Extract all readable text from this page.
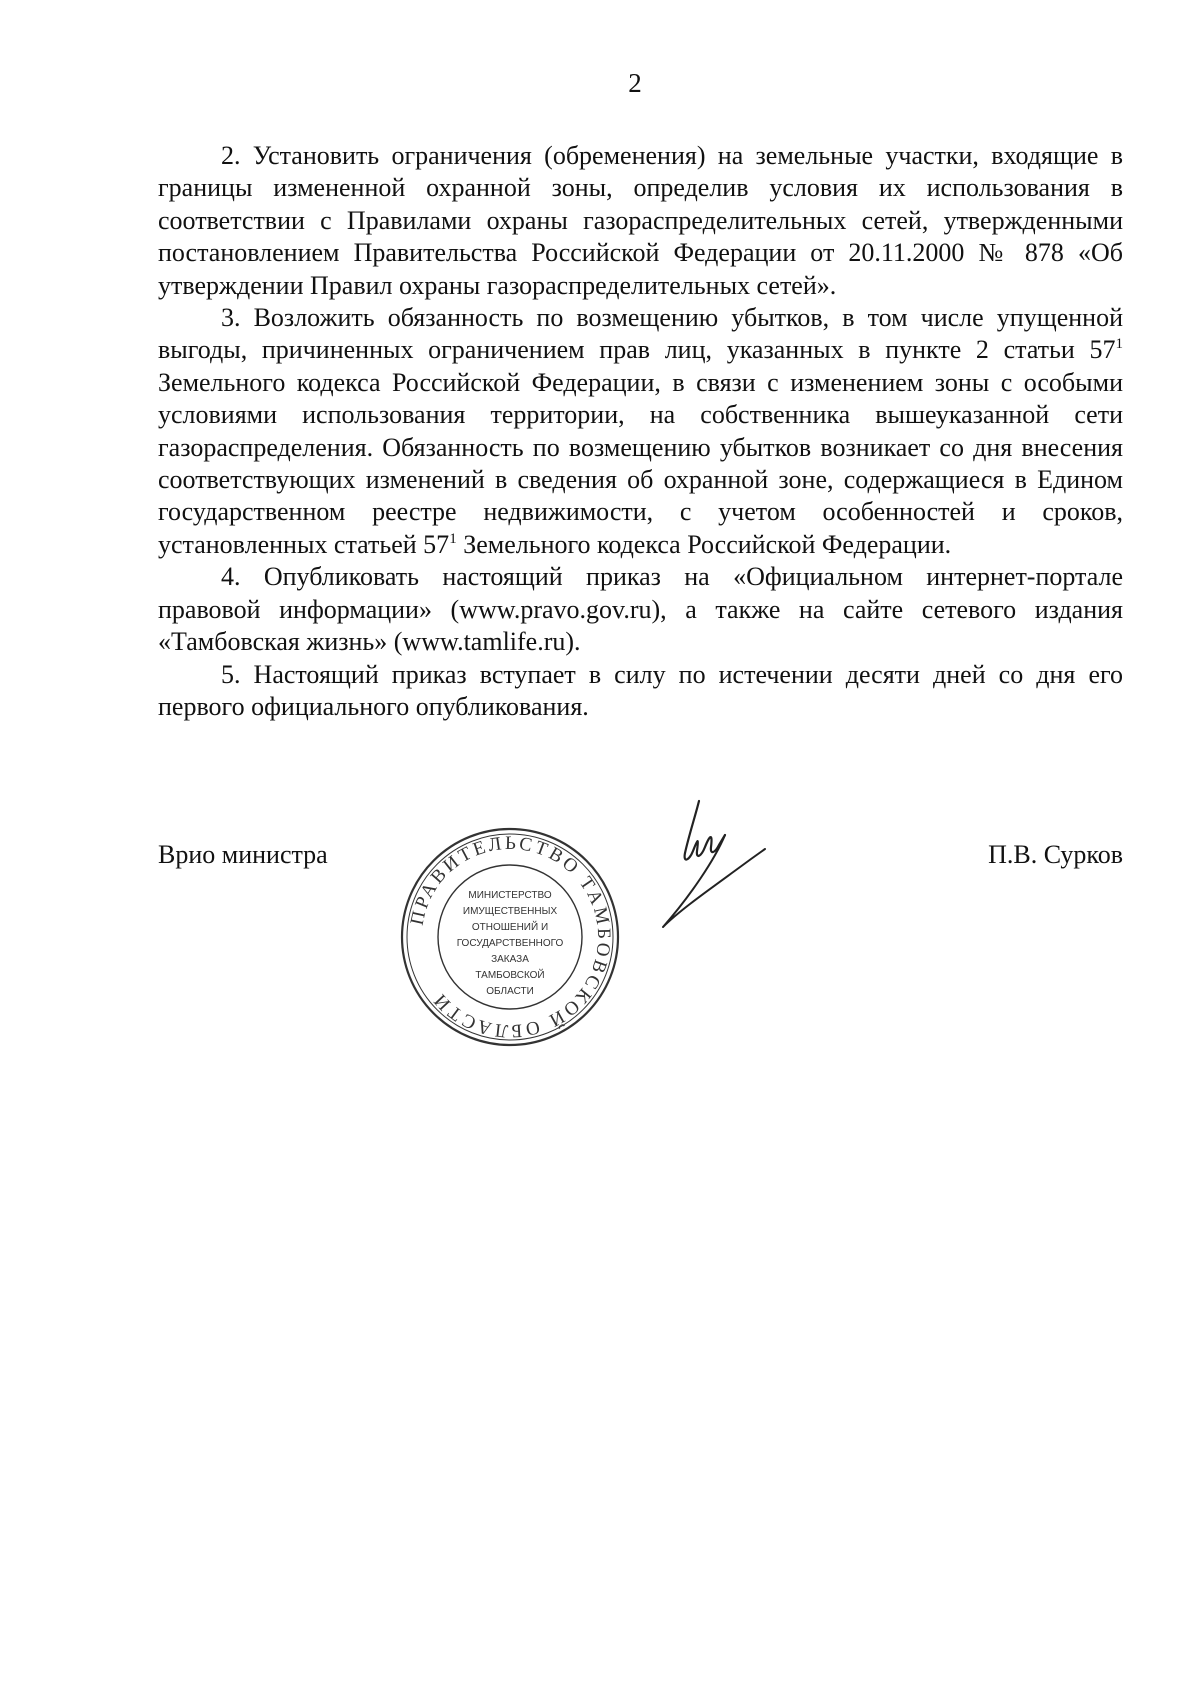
2

2. Установить ограничения (обременения) на земельные участки, входящие в границы измененной охранной зоны, определив условия их использования в соответствии с Правилами охраны газораспределительных сетей, утвержденными постановлением Правительства Российской Федерации от 20.11.2000 № 878 «Об утверждении Правил охраны газораспределительных сетей».

3. Возложить обязанность по возмещению убытков, в том числе упущенной выгоды, причиненных ограничением прав лиц, указанных в пункте 2 статьи $57^1$ Земельного кодекса Российской Федерации, в связи с изменением зоны с особыми условиями использования территории, на собственника вышеуказанной сети газораспределения. Обязанность по возмещению убытков возникает со дня внесения соответствующих изменений в сведения об охранной зоне, содержащиеся в Едином государственном реестре недвижимости, с учетом особенностей и сроков, установленных статьей $57^1$ Земельного кодекса Российской Федерации.

4. Опубликовать настоящий приказ на «Официальном интернет-портале правовой информации» (www.pravo.gov.ru), а также на сайте сетевого издания «Тамбовская жизнь» (www.tamlife.ru).

5. Настоящий приказ вступает в силу по истечении десяти дней со дня его первого официального опубликования.

Врио министра	П.В. Сурков
ПРАВИТЕЛЬСТВО ТАМБОВСКОЙ ОБЛАСТИ
МИНИСТЕРСТВО
ИМУЩЕСТВЕННЫХ
ОТНОШЕНИЙ И
ГОСУДАРСТВЕННОГО
ЗАКАЗА
ТАМБОВСКОЙ
ОБЛАСТИ
